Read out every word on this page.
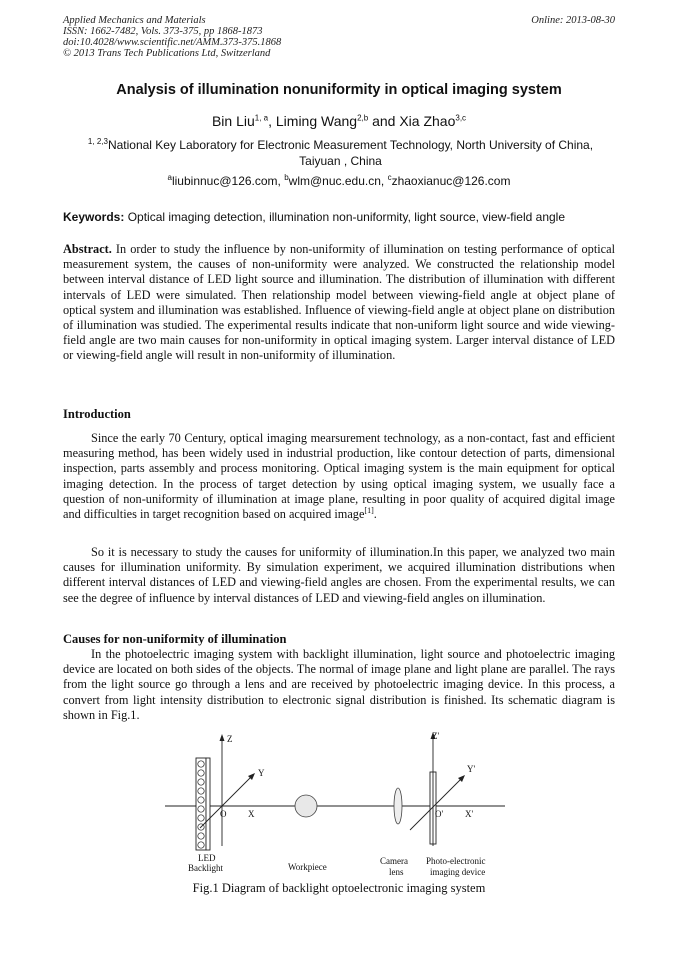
Applied Mechanics and Materials
ISSN: 1662-7482, Vols. 373-375, pp 1868-1873
doi:10.4028/www.scientific.net/AMM.373-375.1868
© 2013 Trans Tech Publications Ltd, Switzerland
Online: 2013-08-30
Analysis of illumination nonuniformity in optical imaging system
Bin Liu$^{1, a}$, Liming Wang$^{2,b}$ and Xia Zhao$^{3,c}$
$^{1, 2,3}$National Key Laboratory for Electronic Measurement Technology, North University of China, Taiyuan , China
$^a$liubinnuc@126.com, $^b$wlm@nuc.edu.cn, $^c$zhaoxianuc@126.com
Keywords: Optical imaging detection, illumination non-uniformity, light source, view-field angle
Abstract. In order to study the influence by non-uniformity of illumination on testing performance of optical measurement system, the causes of non-uniformity were analyzed. We constructed the relationship model between interval distance of LED light source and illumination. The distribution of illumination with different intervals of LED were simulated. Then relationship model between viewing-field angle at object plane of optical system and illumination was established. Influence of viewing-field angle at object plane on distribution of illumination was studied. The experimental results indicate that non-uniform light source and wide viewing-field angle are two main causes for non-uniformity in optical imaging system. Larger interval distance of LED or viewing-field angle will result in non-uniformity of illumination.
Introduction
Since the early 70 Century, optical imaging mearsurement technology, as a non-contact, fast and efficient measuring method, has been widely used in industrial production, like contour detection of parts, dimensional inspection, parts assembly and process monitoring. Optical imaging system is the main equipment for optical imaging detection. In the process of target detection by using optical imaging system, we usually face a question of non-uniformity of illumination at image plane, resulting in poor quality of acquired digital image and difficulties in target recognition based on acquired image[1].
So it is necessary to study the causes for uniformity of illumination.In this paper, we analyzed two main causes for illumination uniformity. By simulation experiment, we acquired illumination distributions when different interval distances of LED and viewing-field angles are chosen. From the experimental results, we can see the degree of influence by interval distances of LED and viewing-field angles on illumination.
Causes for non-uniformity of illumination
In the photoelectric imaging system with backlight illumination, light source and photoelectric imaging device are located on both sides of the objects. The normal of image plane and light plane are parallel. The rays from the light source go through a lens and are received by photoelectric imaging device. In this process, a convert from light intensity distribution to electronic signal distribution is finished. Its schematic diagram is shown in Fig.1.
Z
Y
X
O
Z'
Y'
X'
O'
LED
Backlight	Workpiece
Camera
lens
Photo-electronic
imaging device
Fig.1 Diagram of backlight optoelectronic imaging system
